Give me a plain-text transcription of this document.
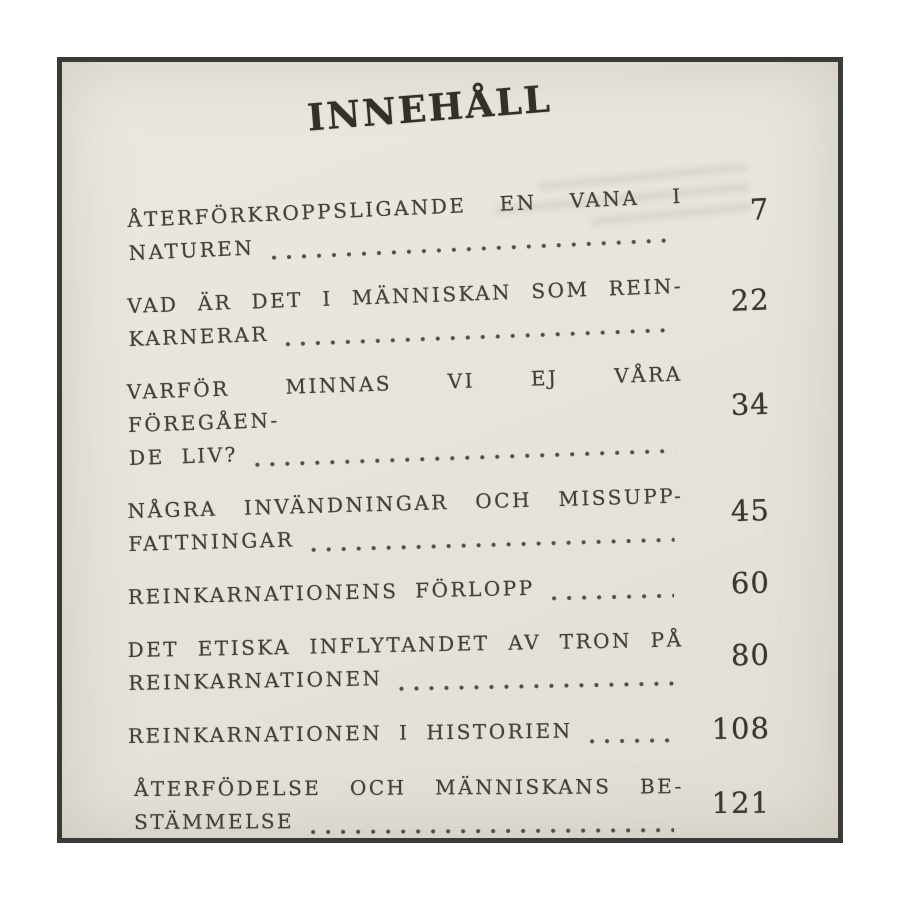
INNEHÅLL
ÅTERFÖRKROPPSLIGANDE EN VANA I
NATUREN
7
VAD ÄR DET I MÄNNISKAN SOM REIN-
KARNERAR
22
VARFÖR MINNAS VI EJ VÅRA FÖREGÅEN-
DE LIV?
34
NÅGRA INVÄNDNINGAR OCH MISSUPP-
FATTNINGAR
45
REINKARNATIONENS FÖRLOPP	60
DET ETISKA INFLYTANDET AV TRON PÅ
REINKARNATIONEN
80
REINKARNATIONEN I HISTORIEN	108
ÅTERFÖDELSE OCH MÄNNISKANS BE-
STÄMMELSE
121
